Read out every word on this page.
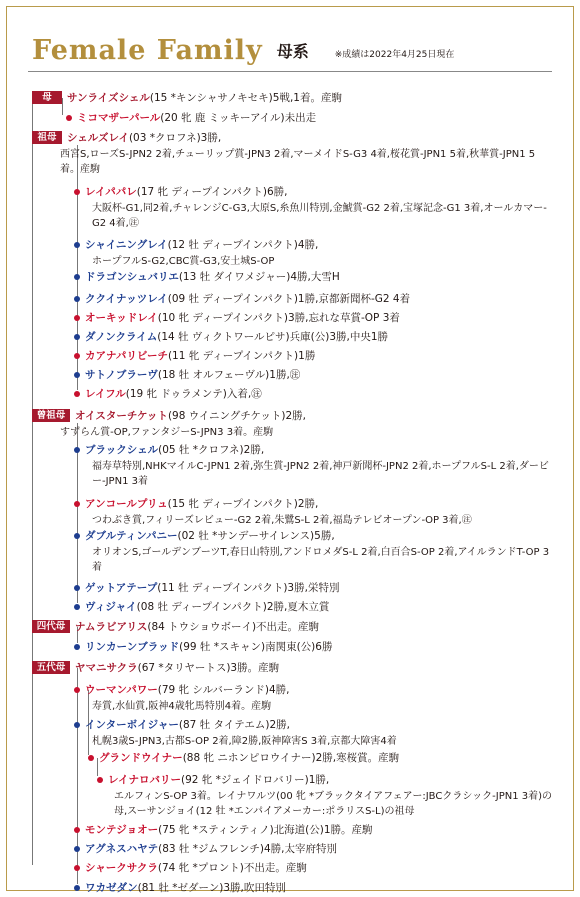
Female Family 母系	※成績は2022年4月25日現在
母	サンライズシェル(15 *キンシャサノキセキ)5戦,1着。産駒
ミコマザーパール(20 牝 鹿 ミッキーアイル)未出走
祖母	シェルズレイ(03 *クロフネ)3勝,
西宮S,ローズS-JPN2 2着,チューリップ賞-JPN3 2着,マーメイドS-G3 4着,桜花賞-JPN1 5着,秋華賞-JPN1 5着。産駒
レイパパレ(17 牝 ディープインパクト)6勝,
大阪杯-G1,同2着,チャレンジC-G3,大原S,糸魚川特別,金鯱賞-G2 2着,宝塚記念-G1 3着,オールカマー-G2 4着,㊟
シャイニングレイ(12 牡 ディープインパクト)4勝,
ホープフルS-G2,CBC賞-G3,安土城S-OP
ドラゴンシュバリエ(13 牡 ダイワメジャー)4勝,大雪H
ククイナッツレイ(09 牡 ディープインパクト)1勝,京都新聞杯-G2 4着
オーキッドレイ(10 牝 ディープインパクト)3勝,忘れな草賞-OP 3着
ダノンクライム(14 牡 ヴィクトワールピサ)兵庫(公)3勝,中央1勝
カアナパリビーチ(11 牝 ディープインパクト)1勝
サトノブラーヴ(18 牡 オルフェーヴル)1勝,㊟
レイフル(19 牝 ドゥラメンテ)入着,㊟
曾祖母 オイスターチケット(98 ウイニングチケット)2勝,
すずらん賞-OP,ファンタジーS-JPN3 3着。産駒
ブラックシェル(05 牡 *クロフネ)2勝,
福寿草特別,NHKマイルC-JPN1 2着,弥生賞-JPN2 2着,神戸新聞杯-JPN2 2着,ホープフルS-L 2着,ダービー-JPN1 3着
アンコールプリュ(15 牝 ディープインパクト)2勝,
つわぶき賞,フィリーズレビュー-G2 2着,朱鷺S-L 2着,福島テレビオープン-OP 3着,㊟
ダブルティンパニー(02 牡 *サンデーサイレンス)5勝,
オリオンS,ゴールデンブーツT,春日山特別,アンドロメダS-L 2着,白百合S-OP 2着,アイルランドT-OP 3着
ゲットアテープ(11 牡 ディープインパクト)3勝,栄特別
ヴィジャイ(08 牡 ディープインパクト)2勝,夏木立賞
四代母 ナムラビアリス(84 トウショウボーイ)不出走。産駒
リンカーンブラッド(99 牡 *スキャン)南関東(公)6勝
五代母 ヤマニサクラ(67 *タリヤートス)3勝。産駒
ウーマンパワー(79 牝 シルバーランド)4勝,
寿賞,水仙賞,阪神4歳牝馬特別4着。産駒
インターボイジャー(87 牡 タイテエム)2勝,
札幌3歳S-JPN3,古都S-OP 2着,障2勝,阪神障害S 3着,京都大障害4着
グランドウイナー(88 牝 ニホンピロウイナー)2勝,寒桜賞。産駒
レイナロバリー(92 牝 *ジェイドロバリー)1勝,
エルフィンS-OP 3着。レイナワルツ(00 牝 *ブラックタイアフェアー:JBCクラシック-JPN1 3着)の母,スーサンジョイ(12 牡 *エンパイアメーカー:ポラリスS-L)の祖母
モンテジョオー(75 牝 *スティンティノ)北海道(公)1勝。産駒
アグネスハヤテ(83 牡 *ジムフレンチ)4勝,太宰府特別
シャークサクラ(74 牝 *プロント)不出走。産駒
ワカゼダン(81 牡 *ゼダーン)3勝,吹田特別
